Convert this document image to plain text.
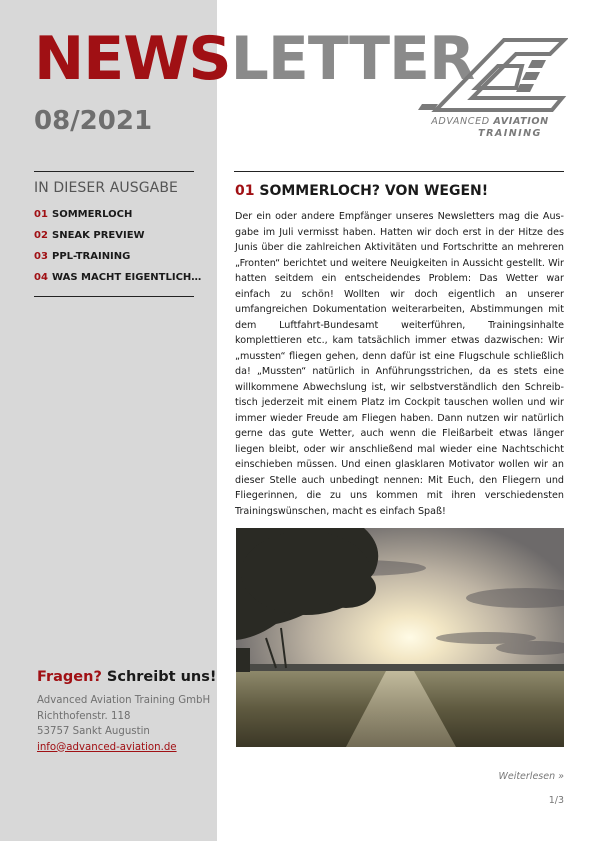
NEWSLETTER
08/2021	ADVANCED AVIATION
TRAINING
IN DIESER AUSGABE
01 SOMMERLOCH
02 SNEAK PREVIEW
03 PPL-TRAINING
04 WAS MACHT EIGENTLICH…
Fragen? Schreibt uns!
Advanced Aviation Training GmbH
Richthofenstr. 118
53757 Sankt Augustin
info@advanced-aviation.de
01 SOMMERLOCH? VON WEGEN!
Der ein oder andere Empfänger unseres Newsletters mag die Ausgabe im Juli vermisst haben. Hatten wir doch erst in der Hitze des Junis über die zahlreichen Aktivitäten und Fortschritte an mehreren „Fronten“ berichtet und weitere Neuigkeiten in Aussicht gestellt. Wir hatten seitdem ein entscheidendes Problem: Das Wetter war einfach zu schön! Wollten wir doch eigentlich an unserer umfangreichen Dokumentation weiterarbeiten, Abstimmungen mit dem Luftfahrt-Bundesamt weiterführen, Trainingsinhalte komplettieren etc., kam tatsächlich immer etwas dazwischen: Wir „mussten“ fliegen gehen, denn dafür ist eine Flugschule schließlich da! „Mussten“ natürlich in Anführungsstrichen, da es stets eine willkommene Abwechslung ist, wir selbstverständlich den Schreibtisch jederzeit mit einem Platz im Cockpit tauschen wollen und wir immer wieder Freude am Fliegen haben. Dann nutzen wir natürlich gerne das gute Wetter, auch wenn die Fleißarbeit etwas länger liegen bleibt, oder wir anschließend mal wieder eine Nachtschicht einschieben müssen. Und einen glasklaren Motivator wollen wir an dieser Stelle auch unbedingt nennen: Mit Euch, den Fliegern und Fliegerinnen, die zu uns kommen mit ihren verschiedensten Trainingswünschen, macht es einfach Spaß!
Weiterlesen »
1/3
